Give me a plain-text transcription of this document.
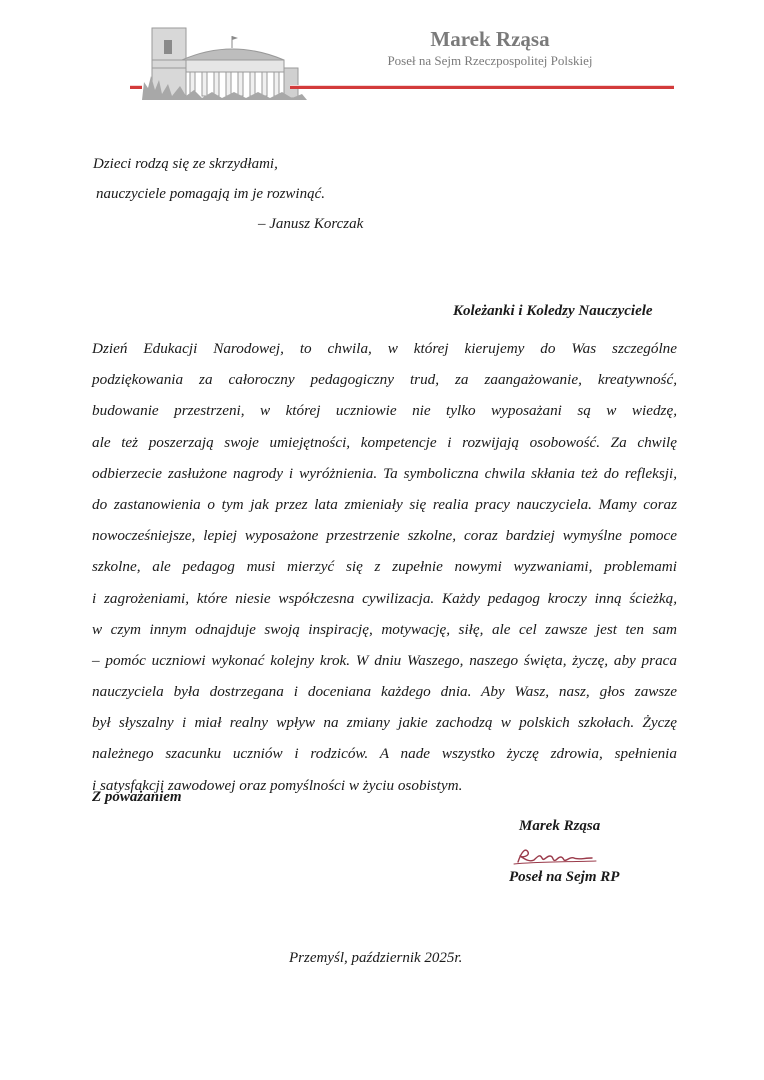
Marek Rząsa
Poseł na Sejm Rzeczpospolitej Polskiej
Dzieci rodzą się ze skrzydłami,
nauczyciele pomagają im je rozwinąć.
– Janusz Korczak
Koleżanki i Koledzy Nauczyciele
Dzień Edukacji Narodowej, to chwila, w której kierujemy do Was szczególne
podziękowania za całoroczny pedagogiczny trud, za zaangażowanie, kreatywność,
budowanie przestrzeni, w której uczniowie nie tylko wyposażani są w wiedzę,
ale też poszerzają swoje umiejętności, kompetencje i rozwijają osobowość. Za chwilę
odbierzecie zasłużone nagrody i wyróżnienia. Ta symboliczna chwila skłania też do refleksji,
do zastanowienia o tym jak przez lata zmieniały się realia pracy nauczyciela. Mamy coraz
nowocześniejsze, lepiej wyposażone przestrzenie szkolne, coraz bardziej wymyślne pomoce
szkolne, ale pedagog musi mierzyć się z zupełnie nowymi wyzwaniami, problemami
i zagrożeniami, które niesie współczesna cywilizacja. Każdy pedagog kroczy inną ścieżką,
w czym innym odnajduje swoją inspirację, motywację, siłę, ale cel zawsze jest ten sam
– pomóc uczniowi wykonać kolejny krok. W dniu Waszego, naszego święta, życzę, aby praca
nauczyciela była dostrzegana i doceniana każdego dnia. Aby Wasz, nasz, głos zawsze
był słyszalny i miał realny wpływ na zmiany jakie zachodzą w polskich szkołach. Życzę
należnego szacunku uczniów i rodziców. A nade wszystko życzę zdrowia, spełnienia
i satysfakcji zawodowej oraz pomyślności w życiu osobistym.
Z poważaniem
Marek Rząsa
Poseł na Sejm RP
Przemyśl, październik 2025r.
